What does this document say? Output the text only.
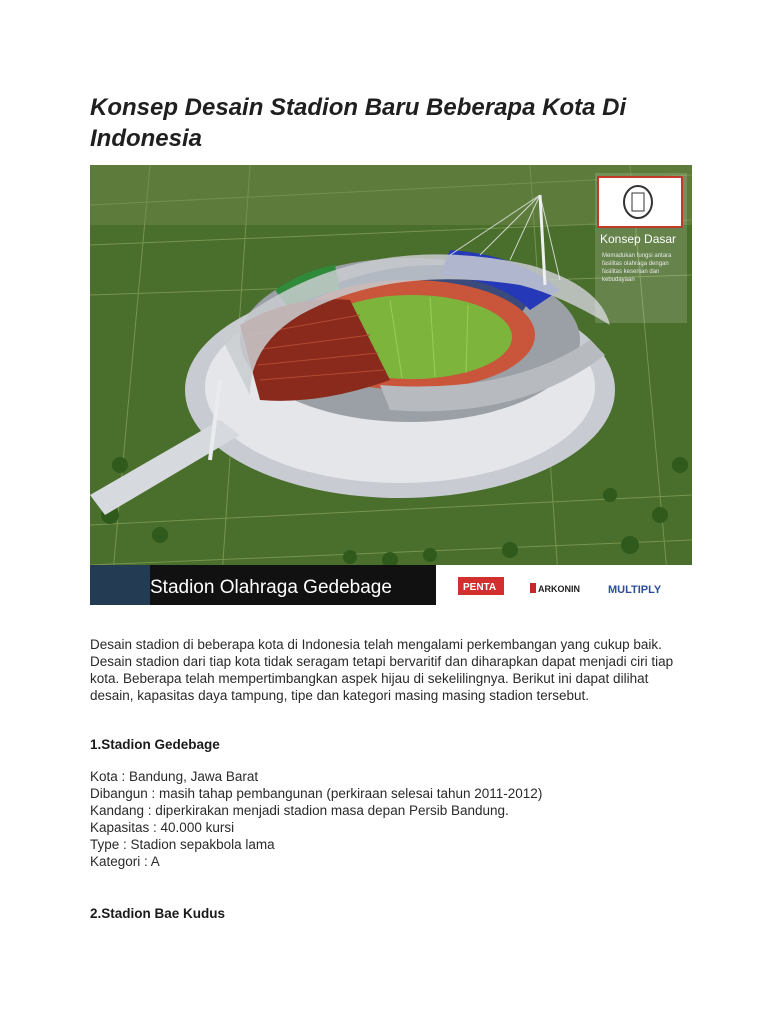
Konsep Desain Stadion Baru Beberapa Kota Di Indonesia
Konsep Dasar
Memadukan fungsi antara
fasilitas olahraga dengan
fasilitas kesenian dan
kebudayaan
Stadion Olahraga Gedebage	PENTA	ARKONIN	MULTIPLY

Desain stadion di beberapa kota di Indonesia telah mengalami perkembangan yang cukup baik. Desain stadion dari tiap kota tidak seragam tetapi bervaritif dan diharapkan dapat menjadi ciri tiap kota. Beberapa telah mempertimbangkan aspek hijau di sekelilingnya. Berikut ini dapat dilihat desain, kapasitas daya tampung, tipe dan kategori masing masing stadion tersebut.

1.Stadion Gedebage
Kota : Bandung, Jawa Barat
Dibangun : masih tahap pembangunan (perkiraan selesai tahun 2011-2012)
Kandang : diperkirakan menjadi stadion masa depan Persib Bandung.
Kapasitas : 40.000 kursi
Type : Stadion sepakbola lama
Kategori : A
2.Stadion Bae Kudus
